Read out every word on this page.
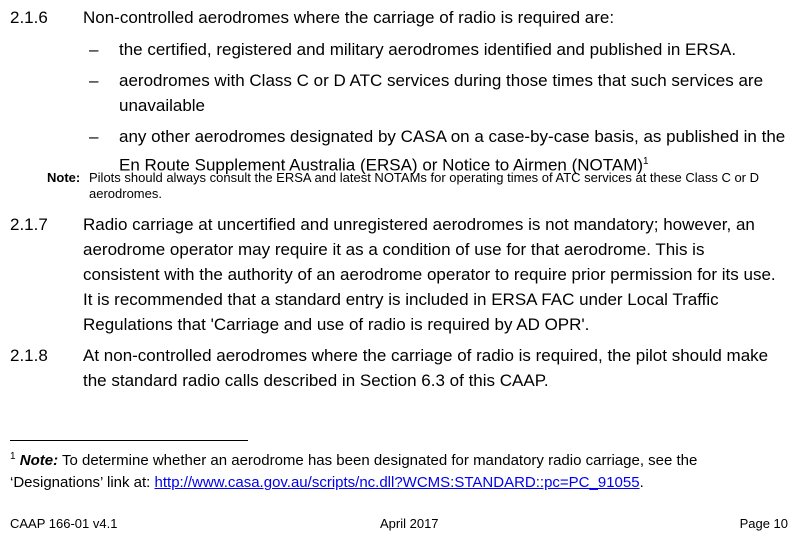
2.1.6	Non-controlled aerodromes where the carriage of radio is required are:
– the certified, registered and military aerodromes identified and published in ERSA.
– aerodromes with Class C or D ATC services during those times that such services are unavailable
– any other aerodromes designated by CASA on a case-by-case basis, as published in the En Route Supplement Australia (ERSA) or Notice to Airmen (NOTAM)$^1$
Note: Pilots should always consult the ERSA and latest NOTAMs for operating times of ATC services at these Class C or D aerodromes.
2.1.7	Radio carriage at uncertified and unregistered aerodromes is not mandatory; however, an aerodrome operator may require it as a condition of use for that aerodrome. This is consistent with the authority of an aerodrome operator to require prior permission for its use. It is recommended that a standard entry is included in ERSA FAC under Local Traffic Regulations that 'Carriage and use of radio is required by AD OPR'.
2.1.8	At non-controlled aerodromes where the carriage of radio is required, the pilot should make the standard radio calls described in Section 6.3 of this CAAP.
$^1$ Note: To determine whether an aerodrome has been designated for mandatory radio carriage, see the ‘Designations’ link at: http://www.casa.gov.au/scripts/nc.dll?WCMS:STANDARD::pc=PC_91055.
CAAP 166-01 v4.1	April 2017	Page 10
